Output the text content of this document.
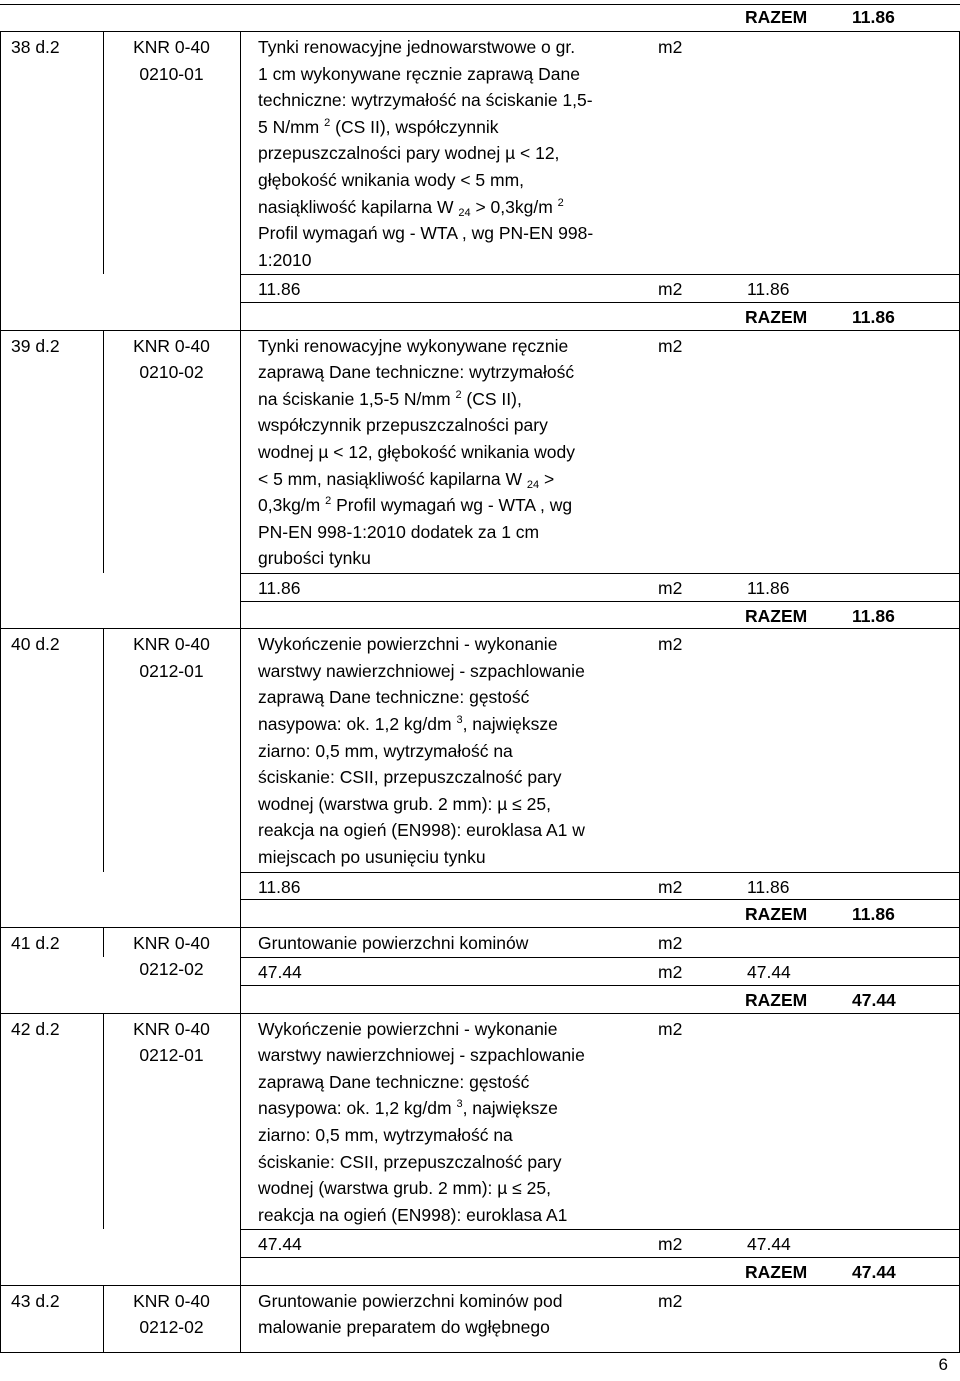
RAZEM	11.86
38 d.2	KNR 0-40
0210-01
Tynki renowacyjne jednowarstwowe o gr.
1 cm wykonywane ręcznie zaprawą Dane
techniczne: wytrzymałość na ściskanie 1,5-
5 N/mm $^2$ (CS II), współczynnik
przepuszczalności pary wodnej µ < 12,
głębokość wnikania wody < 5 mm,
nasiąkliwość kapilarna W $_{24}$ > 0,3kg/m $^2$
Profil wymagań wg - WTA , wg PN-EN 998-
1:2010
m2
11.86	m2	11.86
RAZEM	11.86
39 d.2	KNR 0-40
0210-02
Tynki renowacyjne wykonywane ręcznie
zaprawą Dane techniczne: wytrzymałość
na ściskanie 1,5-5 N/mm $^2$ (CS II),
współczynnik przepuszczalności pary
wodnej µ < 12, głębokość wnikania wody
< 5 mm, nasiąkliwość kapilarna W $_{24}$ >
0,3kg/m $^2$ Profil wymagań wg - WTA , wg
PN-EN 998-1:2010 dodatek za 1 cm
grubości tynku
m2
11.86	m2	11.86
RAZEM	11.86
40 d.2	KNR 0-40
0212-01
Wykończenie powierzchni - wykonanie
warstwy nawierzchniowej - szpachlowanie
zaprawą Dane techniczne: gęstość
nasypowa: ok. 1,2 kg/dm $^3$, największe
ziarno: 0,5 mm, wytrzymałość na
ściskanie: CSII, przepuszczalność pary
wodnej (warstwa grub. 2 mm): µ ≤ 25,
reakcja na ogień (EN998): euroklasa A1 w
miejscach po usunięciu tynku
m2
11.86	m2	11.86
RAZEM	11.86
41 d.2	KNR 0-40
0212-02
Gruntowanie powierzchni kominów	m2
47.44	m2	47.44
RAZEM	47.44
42 d.2	KNR 0-40
0212-01
Wykończenie powierzchni - wykonanie
warstwy nawierzchniowej - szpachlowanie
zaprawą Dane techniczne: gęstość
nasypowa: ok. 1,2 kg/dm $^3$, największe
ziarno: 0,5 mm, wytrzymałość na
ściskanie: CSII, przepuszczalność pary
wodnej (warstwa grub. 2 mm): µ ≤ 25,
reakcja na ogień (EN998): euroklasa A1
m2
47.44	m2	47.44
RAZEM	47.44
43 d.2	KNR 0-40
0212-02
Gruntowanie powierzchni kominów pod
malowanie preparatem do wgłębnego
m2
6
